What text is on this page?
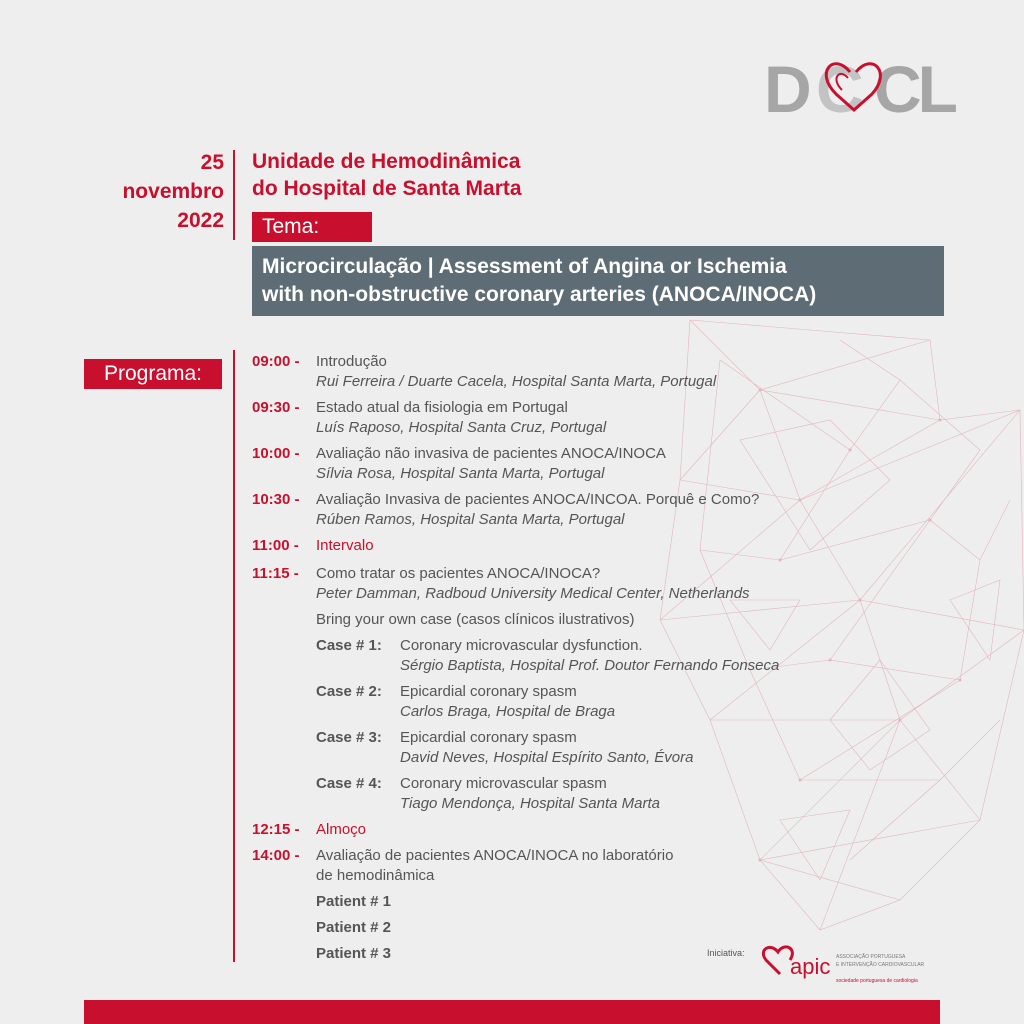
D CL
C
25
novembro
2022
Unidade de Hemodinâmica
do Hospital de Santa Marta
Tema:
Microcirculação | Assessment of Angina or Ischemia
with non-obstructive coronary arteries (ANOCA/INOCA)
Programa:
09:00 -	Introdução
Rui Ferreira / Duarte Cacela, Hospital Santa Marta, Portugal
09:30 -	Estado atual da fisiologia em Portugal
Luís Raposo, Hospital Santa Cruz, Portugal
10:00 -	Avaliação não invasiva de pacientes ANOCA/INOCA
Sílvia Rosa, Hospital Santa Marta, Portugal
10:30 -	Avaliação Invasiva de pacientes ANOCA/INCOA. Porquê e Como?
Rúben Ramos, Hospital Santa Marta, Portugal
11:00 -	Intervalo
11:15 -	Como tratar os pacientes ANOCA/INOCA?
Peter Damman, Radboud University Medical Center, Netherlands
Bring your own case (casos clínicos ilustrativos)
Case # 1: Coronary microvascular dysfunction.
Sérgio Baptista, Hospital Prof. Doutor Fernando Fonseca
Case # 2: Epicardial coronary spasm
Carlos Braga, Hospital de Braga
Case # 3: Epicardial coronary spasm
David Neves, Hospital Espírito Santo, Évora
Case # 4: Coronary microvascular spasm
Tiago Mendonça, Hospital Santa Marta
12:15 -	Almoço
14:00 -	Avaliação de pacientes ANOCA/INOCA no laboratório
de hemodinâmica
Patient # 1
Patient # 2
Patient # 3	Iniciativa:
apic ASSOCIAÇÃO PORTUGUESA
E INTERVENÇÃO CARDIOVASCULAR
sociedade portuguesa de cardiologia
